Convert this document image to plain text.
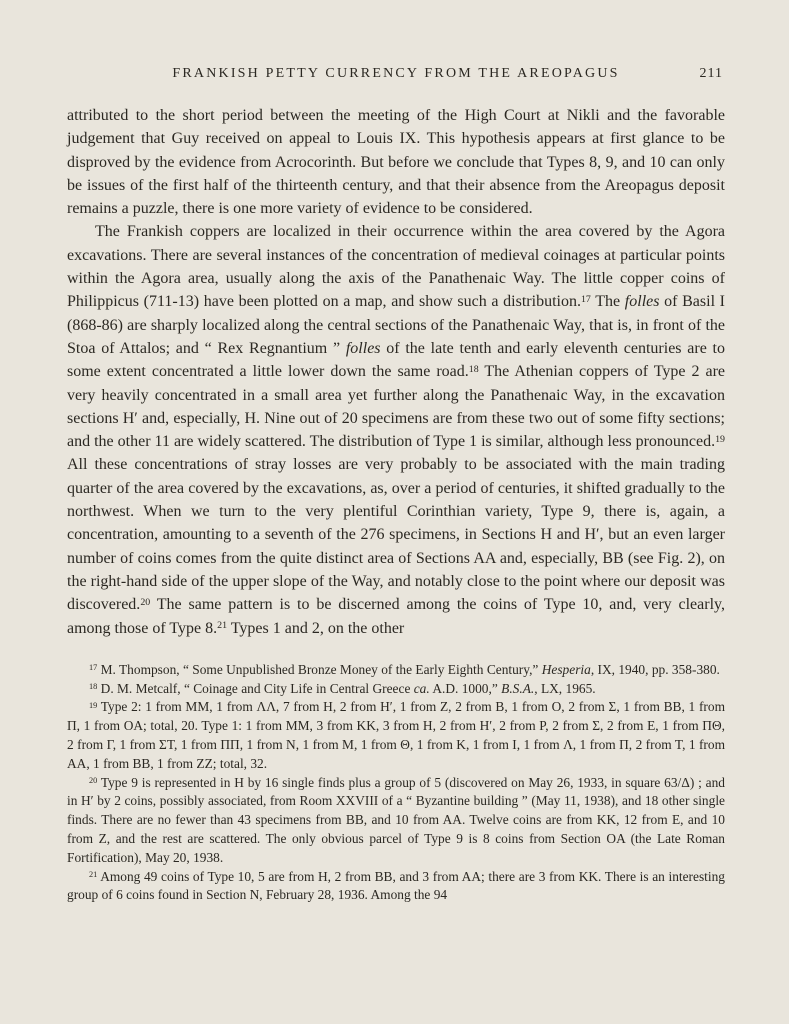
FRANKISH PETTY CURRENCY FROM THE AREOPAGUS	211

attributed to the short period between the meeting of the High Court at Nikli and the favorable judgement that Guy received on appeal to Louis IX. This hypothesis appears at first glance to be disproved by the evidence from Acrocorinth. But before we conclude that Types 8, 9, and 10 can only be issues of the first half of the thirteenth century, and that their absence from the Areopagus deposit remains a puzzle, there is one more variety of evidence to be considered.

The Frankish coppers are localized in their occurrence within the area covered by the Agora excavations. There are several instances of the concentration of medieval coinages at particular points within the Agora area, usually along the axis of the Panathenaic Way. The little copper coins of Philippicus (711-13) have been plotted on a map, and show such a distribution.$^{17}$ The folles of Basil I (868-86) are sharply localized along the central sections of the Panathenaic Way, that is, in front of the Stoa of Attalos; and “ Rex Regnantium ” folles of the late tenth and early eleventh centuries are to some extent concentrated a little lower down the same road.$^{18}$ The Athenian coppers of Type 2 are very heavily concentrated in a small area yet further along the Panathenaic Way, in the excavation sections H′ and, especially, H. Nine out of 20 specimens are from these two out of some fifty sections; and the other 11 are widely scattered. The distribution of Type 1 is similar, although less pronounced.$^{19}$ All these concentrations of stray losses are very probably to be associated with the main trading quarter of the area covered by the excavations, as, over a period of centuries, it shifted gradually to the northwest. When we turn to the very plentiful Corinthian variety, Type 9, there is, again, a concentration, amounting to a seventh of the 276 specimens, in Sections H and H′, but an even larger number of coins comes from the quite distinct area of Sections AA and, especially, BB (see Fig. 2), on the right-hand side of the upper slope of the Way, and notably close to the point where our deposit was discovered.$^{20}$ The same pattern is to be discerned among the coins of Type 10, and, very clearly, among those of Type 8.21 Types 1 and 2, on the other

$^{17}$ M. Thompson, “ Some Unpublished Bronze Money of the Early Eighth Century,” Hesperia, IX, 1940, pp. 358-380.

$^{18}$ D. M. Metcalf, “ Coinage and City Life in Central Greece ca. A.D. 1000,” B.S.A., LX, 1965.

$^{19}$ Type 2: 1 from MM, 1 from ΛΛ, 7 from H, 2 from H′, 1 from Z, 2 from B, 1 from O, 2 from Σ, 1 from BB, 1 from Π, 1 from OA; total, 20. Type 1: 1 from MM, 3 from KK, 3 from H, 2 from H′, 2 from P, 2 from Σ, 2 from E, 1 from ΠΘ, 2 from Γ, 1 from ΣT, 1 from ΠΠ, 1 from N, 1 from M, 1 from Θ, 1 from K, 1 from I, 1 from Λ, 1 from Π, 2 from T, 1 from AA, 1 from BB, 1 from ZZ; total, 32.

$^{20}$ Type 9 is represented in H by 16 single finds plus a group of 5 (discovered on May 26, 1933, in square 63/Δ) ; and in H′ by 2 coins, possibly associated, from Room XXVIII of a “ Byzantine building ” (May 11, 1938), and 18 other single finds. There are no fewer than 43 specimens from BB, and 10 from AA. Twelve coins are from KK, 12 from E, and 10 from Z, and the rest are scattered. The only obvious parcel of Type 9 is 8 coins from Section OA (the Late Roman Fortification), May 20, 1938.

$^{21}$ Among 49 coins of Type 10, 5 are from H, 2 from BB, and 3 from AA; there are 3 from KK. There is an interesting group of 6 coins found in Section N, February 28, 1936. Among the 94
